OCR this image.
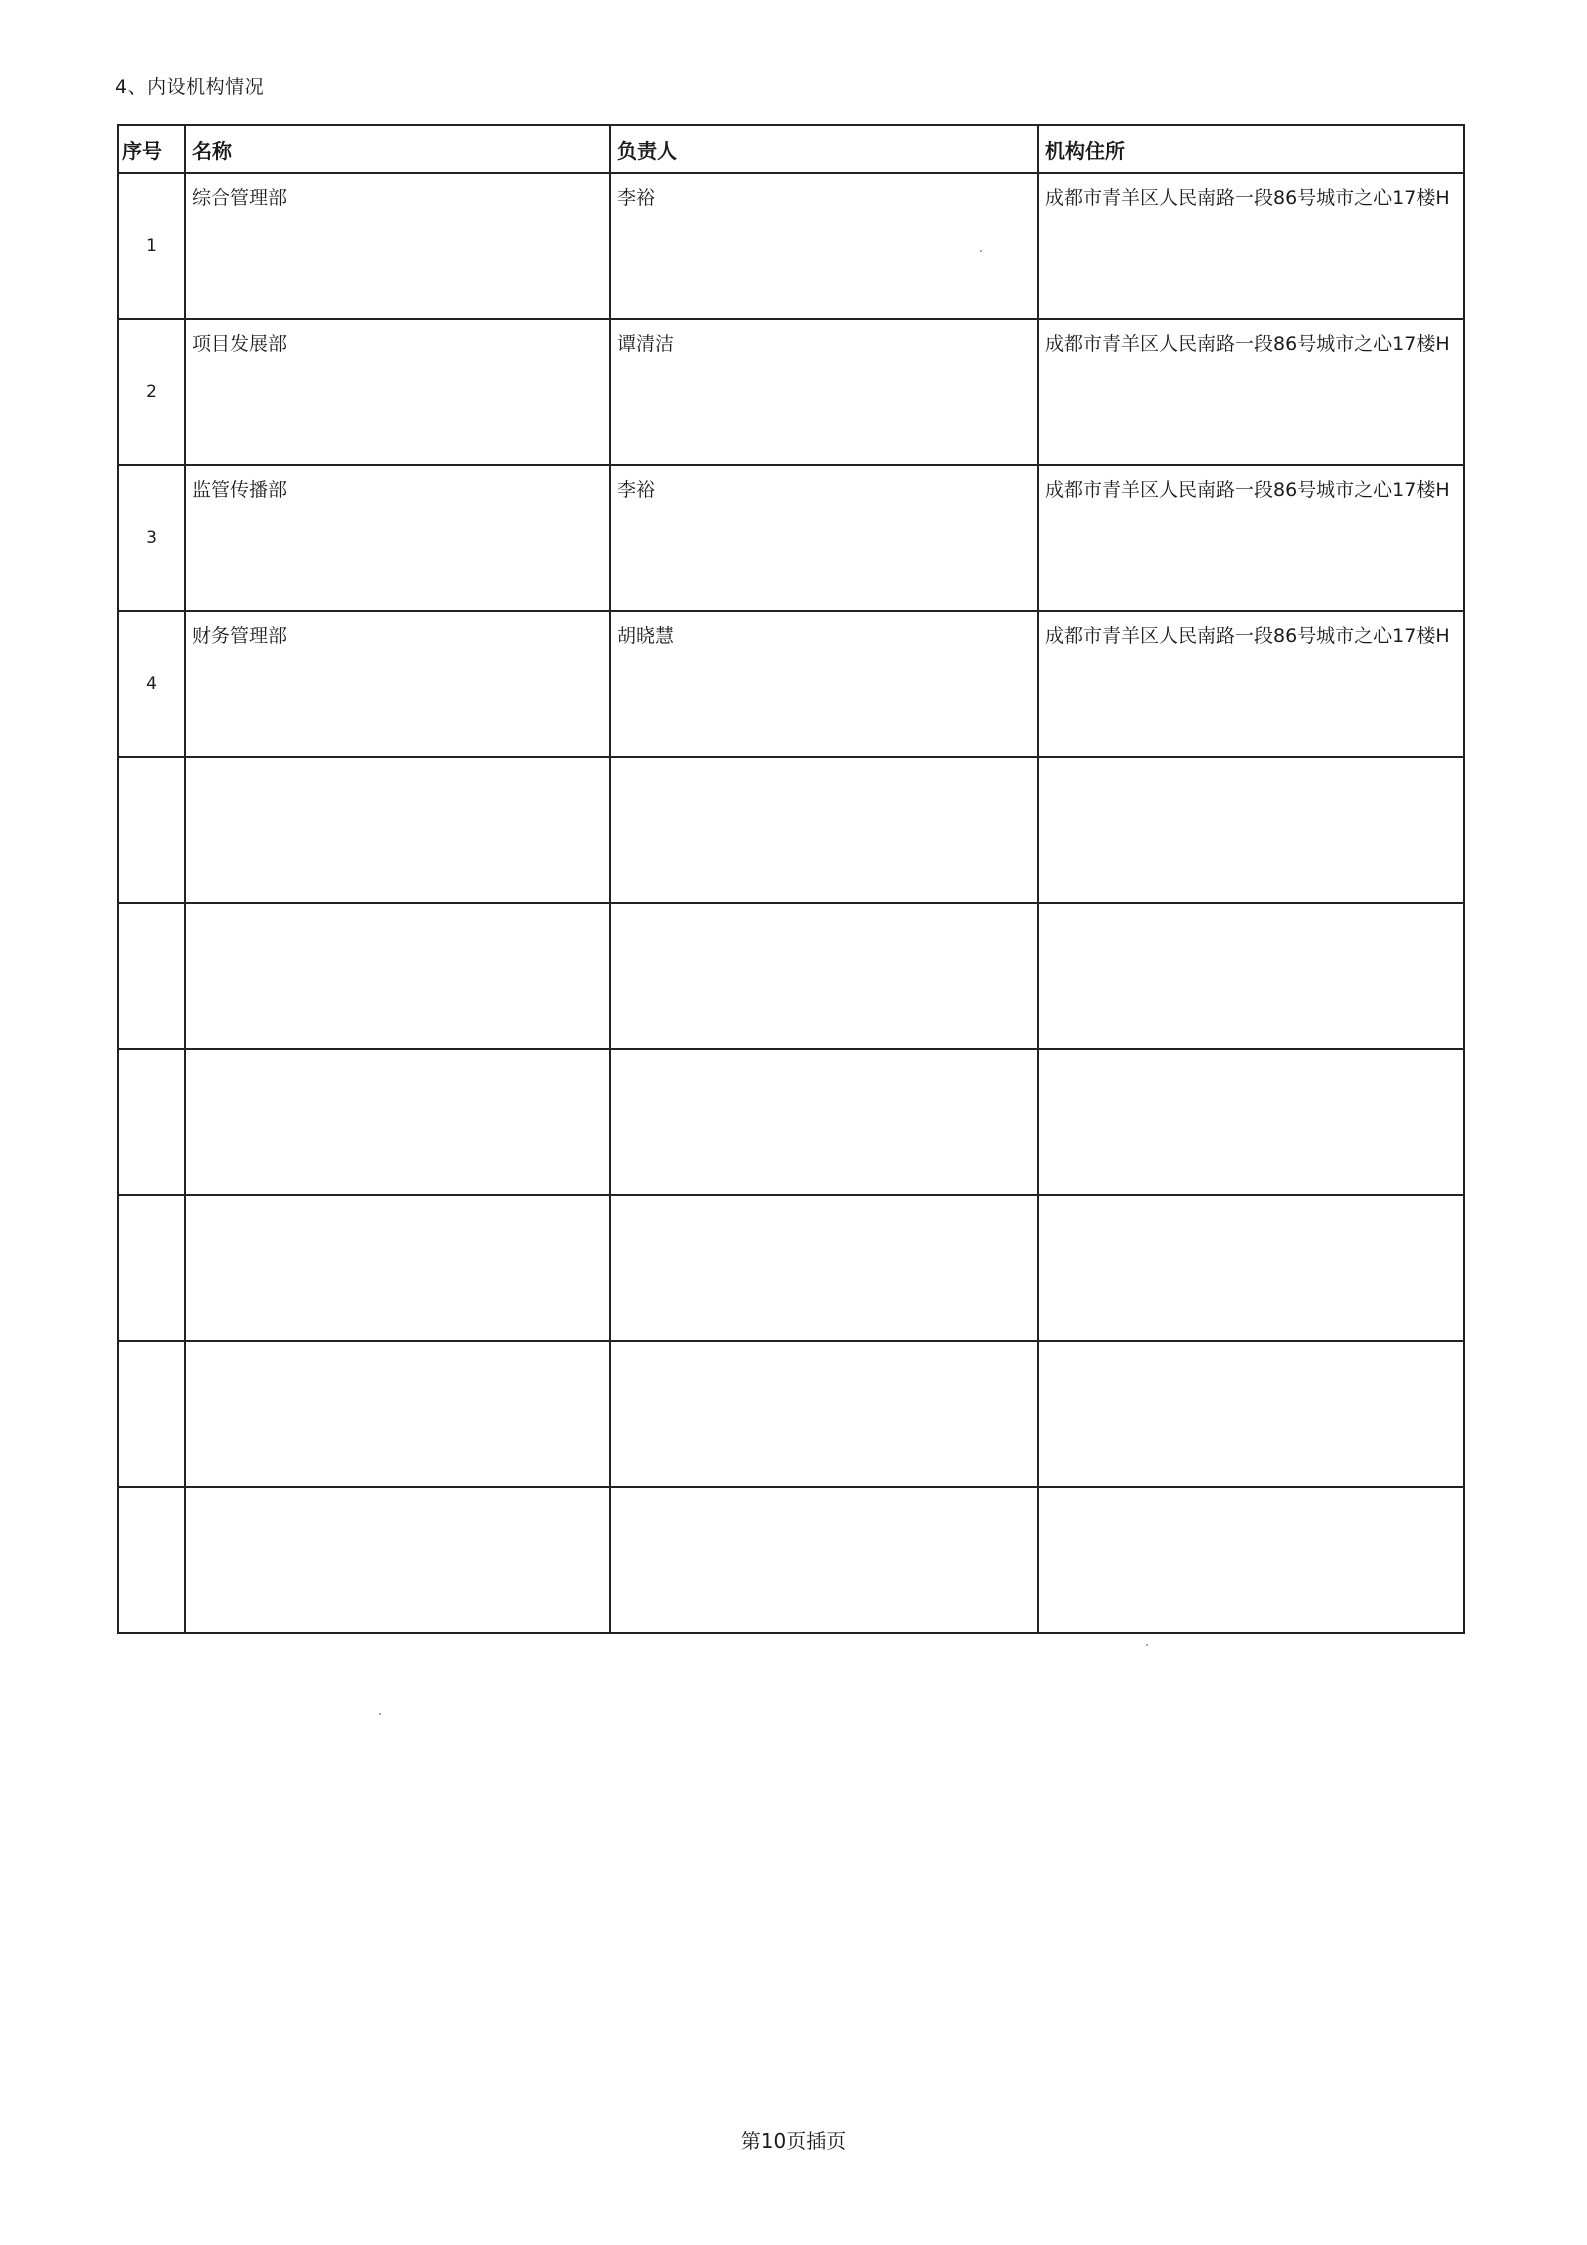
4、内设机构情况
序号	名称	负责人	机构住所
1	综合管理部	李裕	成都市青羊区人民南路一段86号城市之心17楼H

2	项目发展部	谭清洁	成都市青羊区人民南路一段86号城市之心17楼H

3	监管传播部	李裕	成都市青羊区人民南路一段86号城市之心17楼H

4	财务管理部	胡晓慧	成都市青羊区人民南路一段86号城市之心17楼H

第10页插页
